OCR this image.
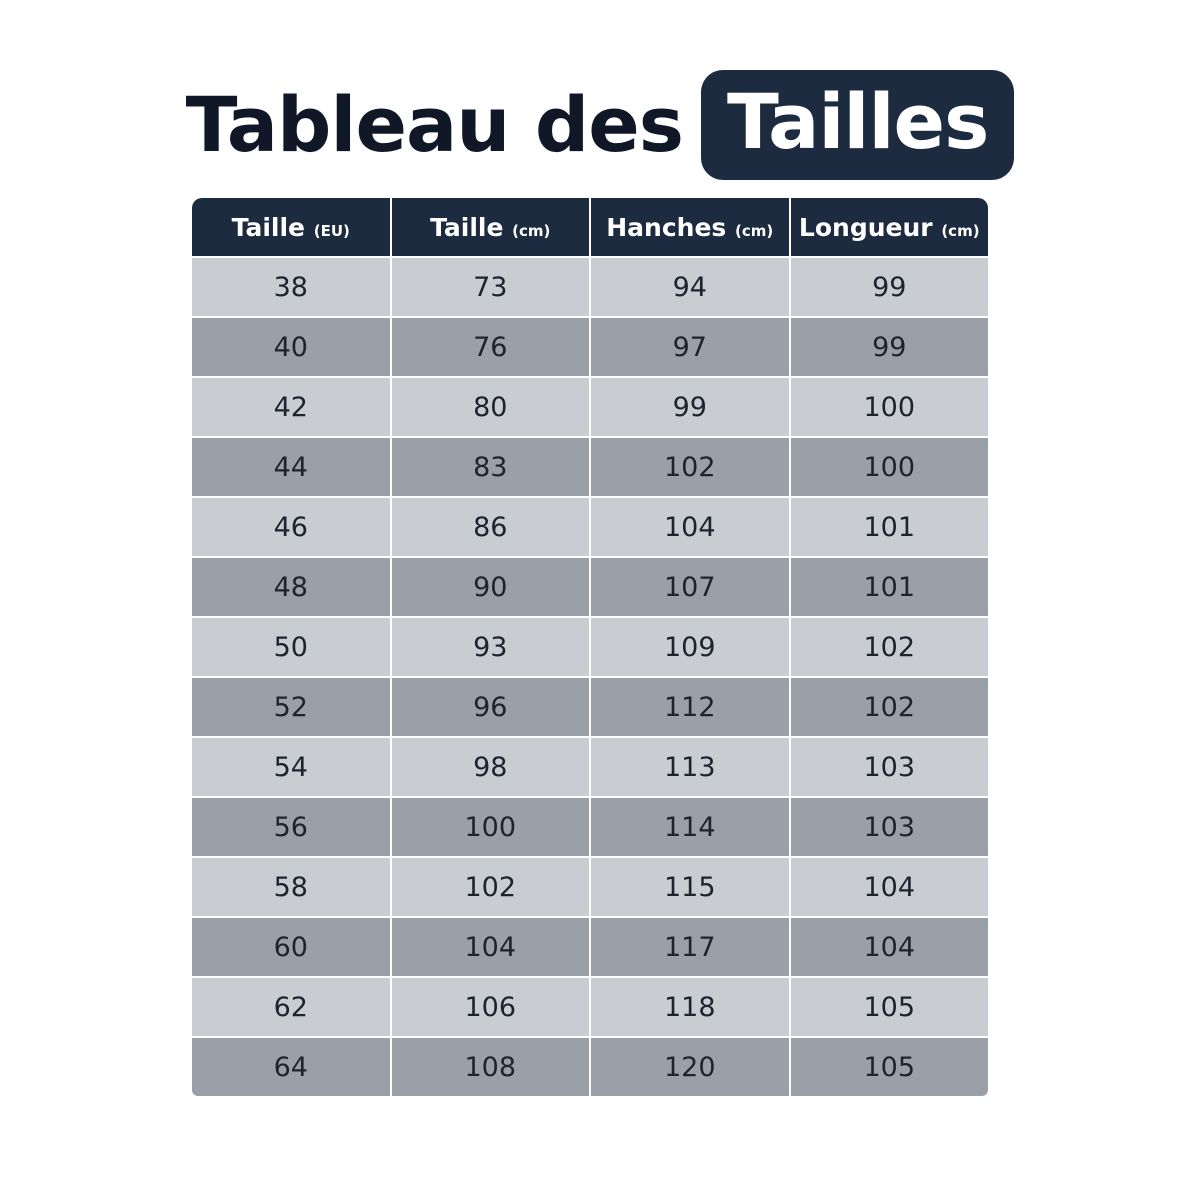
Tableau des Tailles
Taille (EU)	Taille (cm)	Hanches (cm)	Longueur (cm)
38	73	94	99
40	76	97	99
42	80	99	100
44	83	102	100
46	86	104	101
48	90	107	101
50	93	109	102
52	96	112	102
54	98	113	103
56	100	114	103
58	102	115	104
60	104	117	104
62	106	118	105
64	108	120	105
